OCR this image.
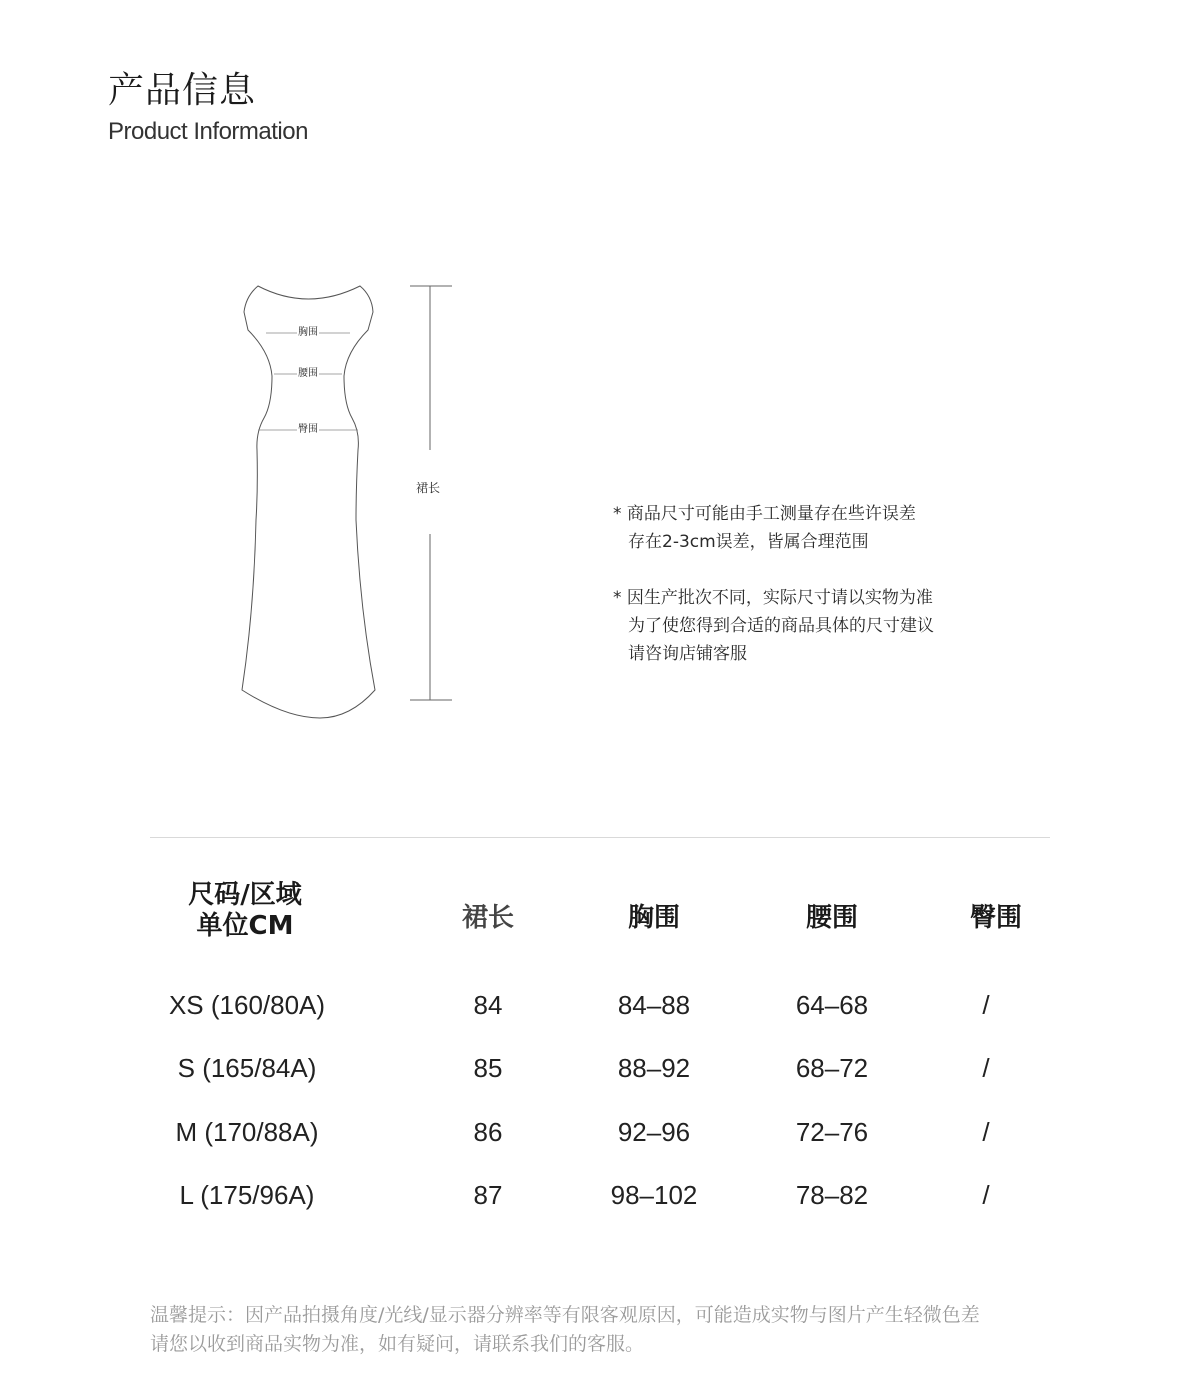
产品信息
Product Information
胸围
腰围
臀围
裙长
* 商品尺寸可能由手工测量存在些许误差
存在2-3cm误差，皆属合理范围
* 因生产批次不同，实际尺寸请以实物为准
为了使您得到合适的商品具体的尺寸建议
请咨询店铺客服
尺码/区域
单位CM	裙长	胸围	腰围	臀围
XS (160/80A)	84	84–88	64–68	/
S (165/84A)	85	88–92	68–72	/
M (170/88A)	86	92–96	72–76	/
L (175/96A)	87	98–102	78–82	/
温馨提示：因产品拍摄角度/光线/显示器分辨率等有限客观原因，可能造成实物与图片产生轻微色差
请您以收到商品实物为准，如有疑问，请联系我们的客服。
